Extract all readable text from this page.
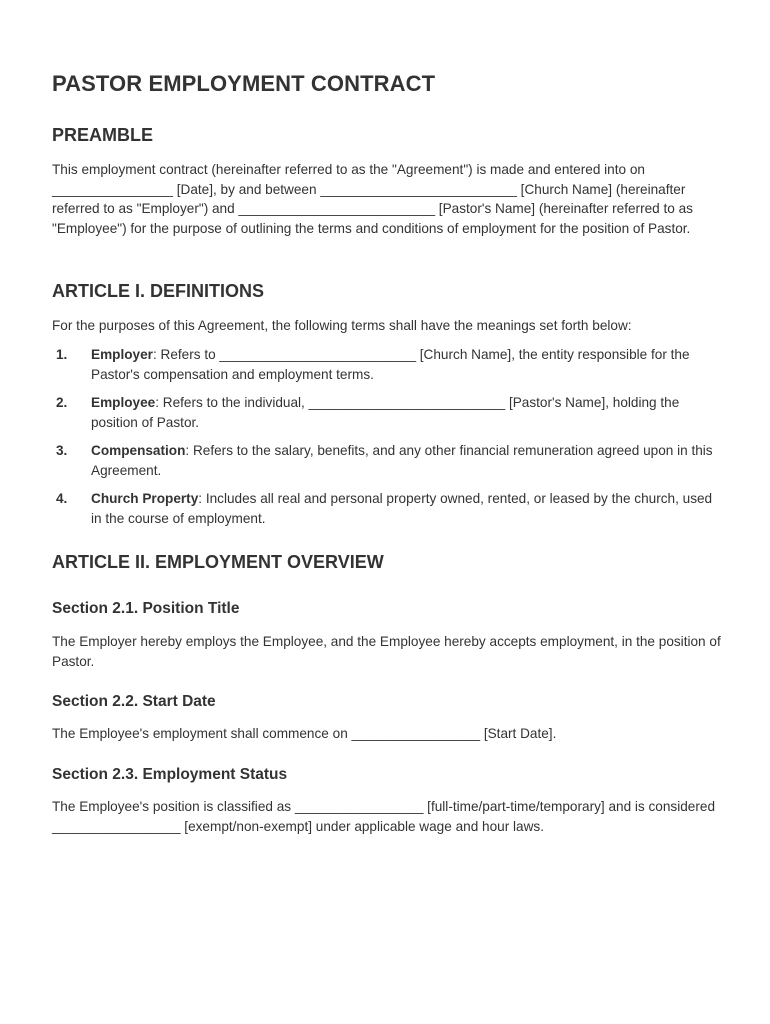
PASTOR EMPLOYMENT CONTRACT
PREAMBLE

This employment contract (hereinafter referred to as the "Agreement") is made and entered into on ________________ [Date], by and between __________________________ [Church Name] (hereinafter referred to as "Employer") and __________________________ [Pastor's Name] (hereinafter referred to as "Employee") for the purpose of outlining the terms and conditions of employment for the position of Pastor.

ARTICLE I. DEFINITIONS

For the purposes of this Agreement, the following terms shall have the meanings set forth below:

1. Employer: Refers to __________________________ [Church Name], the entity responsible for the Pastor's compensation and employment terms.
2. Employee: Refers to the individual, __________________________ [Pastor's Name], holding the position of Pastor.
3. Compensation: Refers to the salary, benefits, and any other financial remuneration agreed upon in this Agreement.
4. Church Property: Includes all real and personal property owned, rented, or leased by the church, used in the course of employment.
ARTICLE II. EMPLOYMENT OVERVIEW
Section 2.1. Position Title

The Employer hereby employs the Employee, and the Employee hereby accepts employment, in the position of Pastor.

Section 2.2. Start Date

The Employee's employment shall commence on _________________ [Start Date].

Section 2.3. Employment Status

The Employee's position is classified as _________________ [full-time/part-time/temporary] and is considered _________________ [exempt/non-exempt] under applicable wage and hour laws.
